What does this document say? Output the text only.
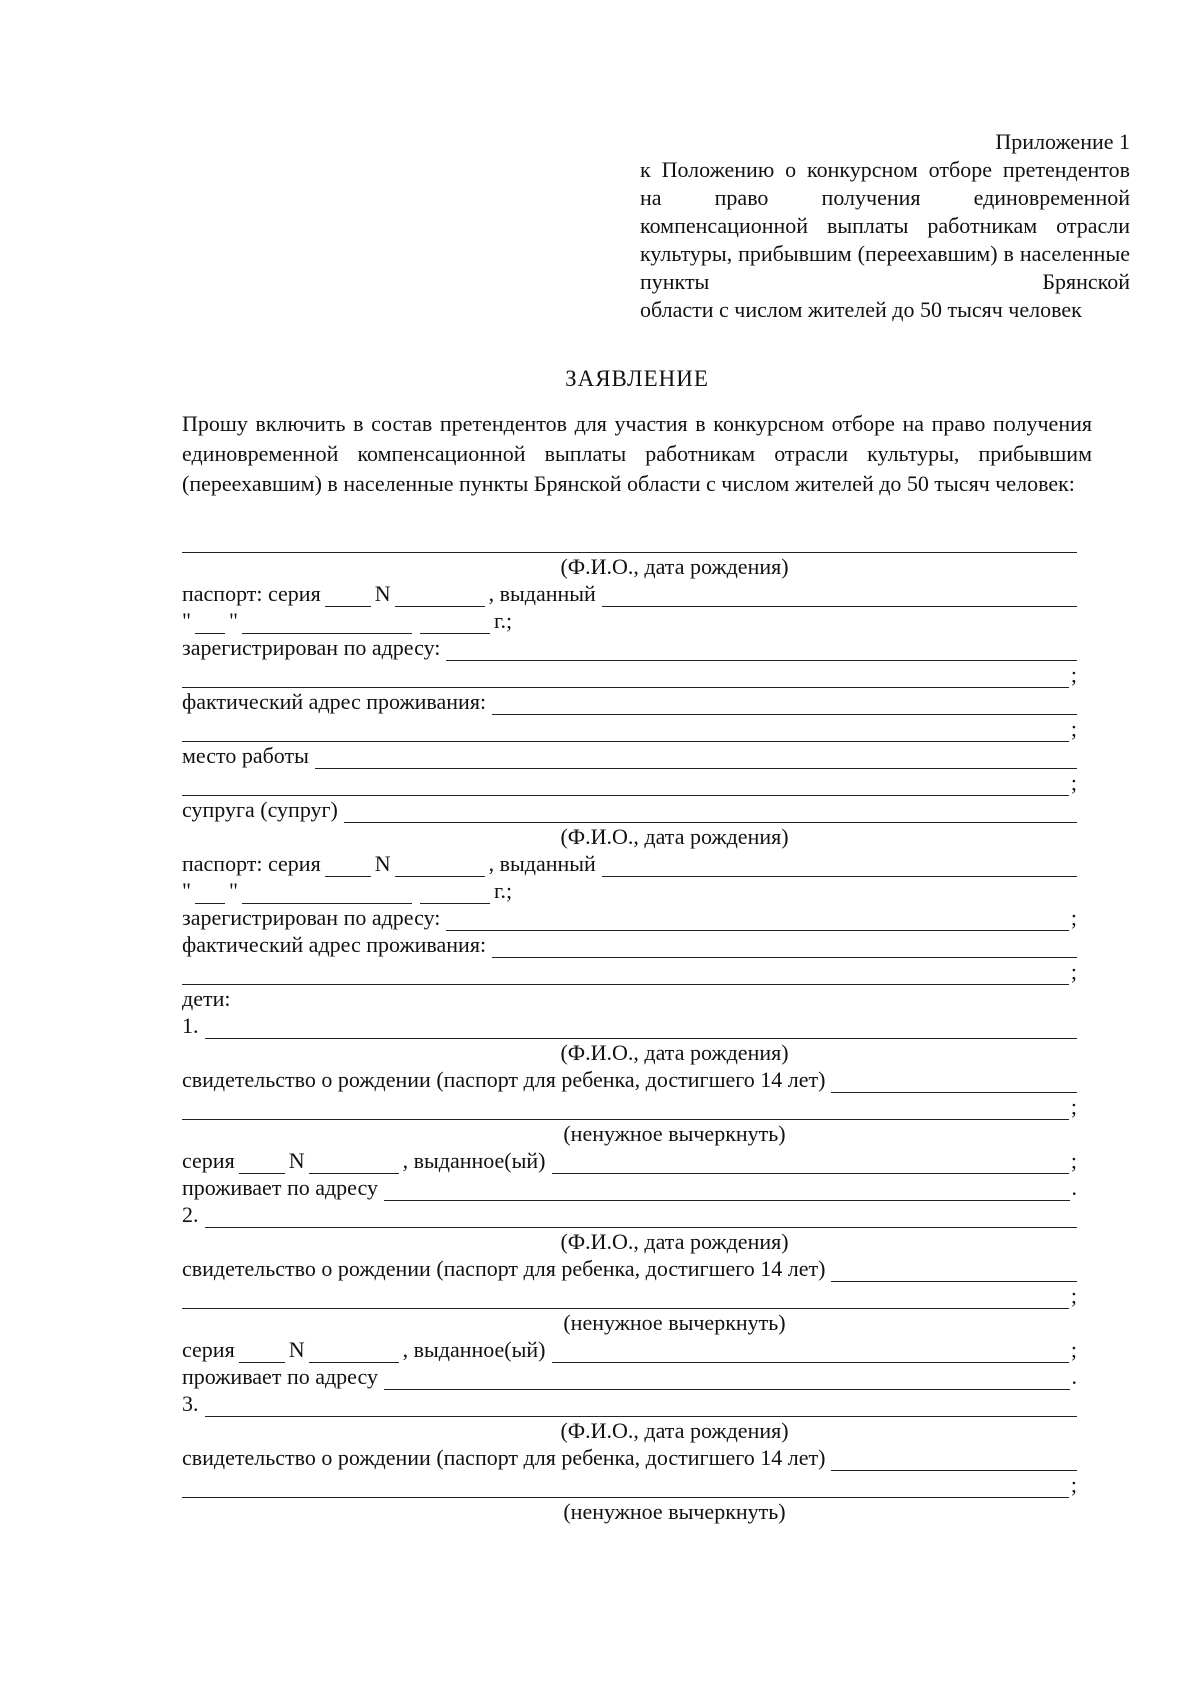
Приложение 1
к Положению о конкурсном отборе претендентов на право получения единовременной компенсационной выплаты работникам отрасли культуры, прибывшим (переехавшим) в населенные пункты Брянской
области с числом жителей до 50 тысяч человек
ЗАЯВЛЕНИЕ
Прошу включить в состав претендентов для участия в конкурсном отборе на право получения единовременной компенсационной выплаты работникам отрасли культуры, прибывшим (переехавшим) в населенные пункты Брянской области с числом жителей до 50 тысяч человек:
(Ф.И.О., дата рождения)
паспорт: серия N	, выданный
" "	г.;
зарегистрирован по адресу:
;
фактический адрес проживания:
;
место работы
;
супруга (супруг)
(Ф.И.О., дата рождения)
паспорт: серия N	, выданный
" "	г.;
зарегистрирован по адресу:	;
фактический адрес проживания:
;
дети:
1.
(Ф.И.О., дата рождения)
свидетельство о рождении (паспорт для ребенка, достигшего 14 лет)
;
(ненужное вычеркнуть)
серия N	, выданное(ый)	;
проживает по адресу	.
2.
(Ф.И.О., дата рождения)
свидетельство о рождении (паспорт для ребенка, достигшего 14 лет)
;
(ненужное вычеркнуть)
серия N	, выданное(ый)	;
проживает по адресу	.
3.
(Ф.И.О., дата рождения)
свидетельство о рождении (паспорт для ребенка, достигшего 14 лет)
;
(ненужное вычеркнуть)
